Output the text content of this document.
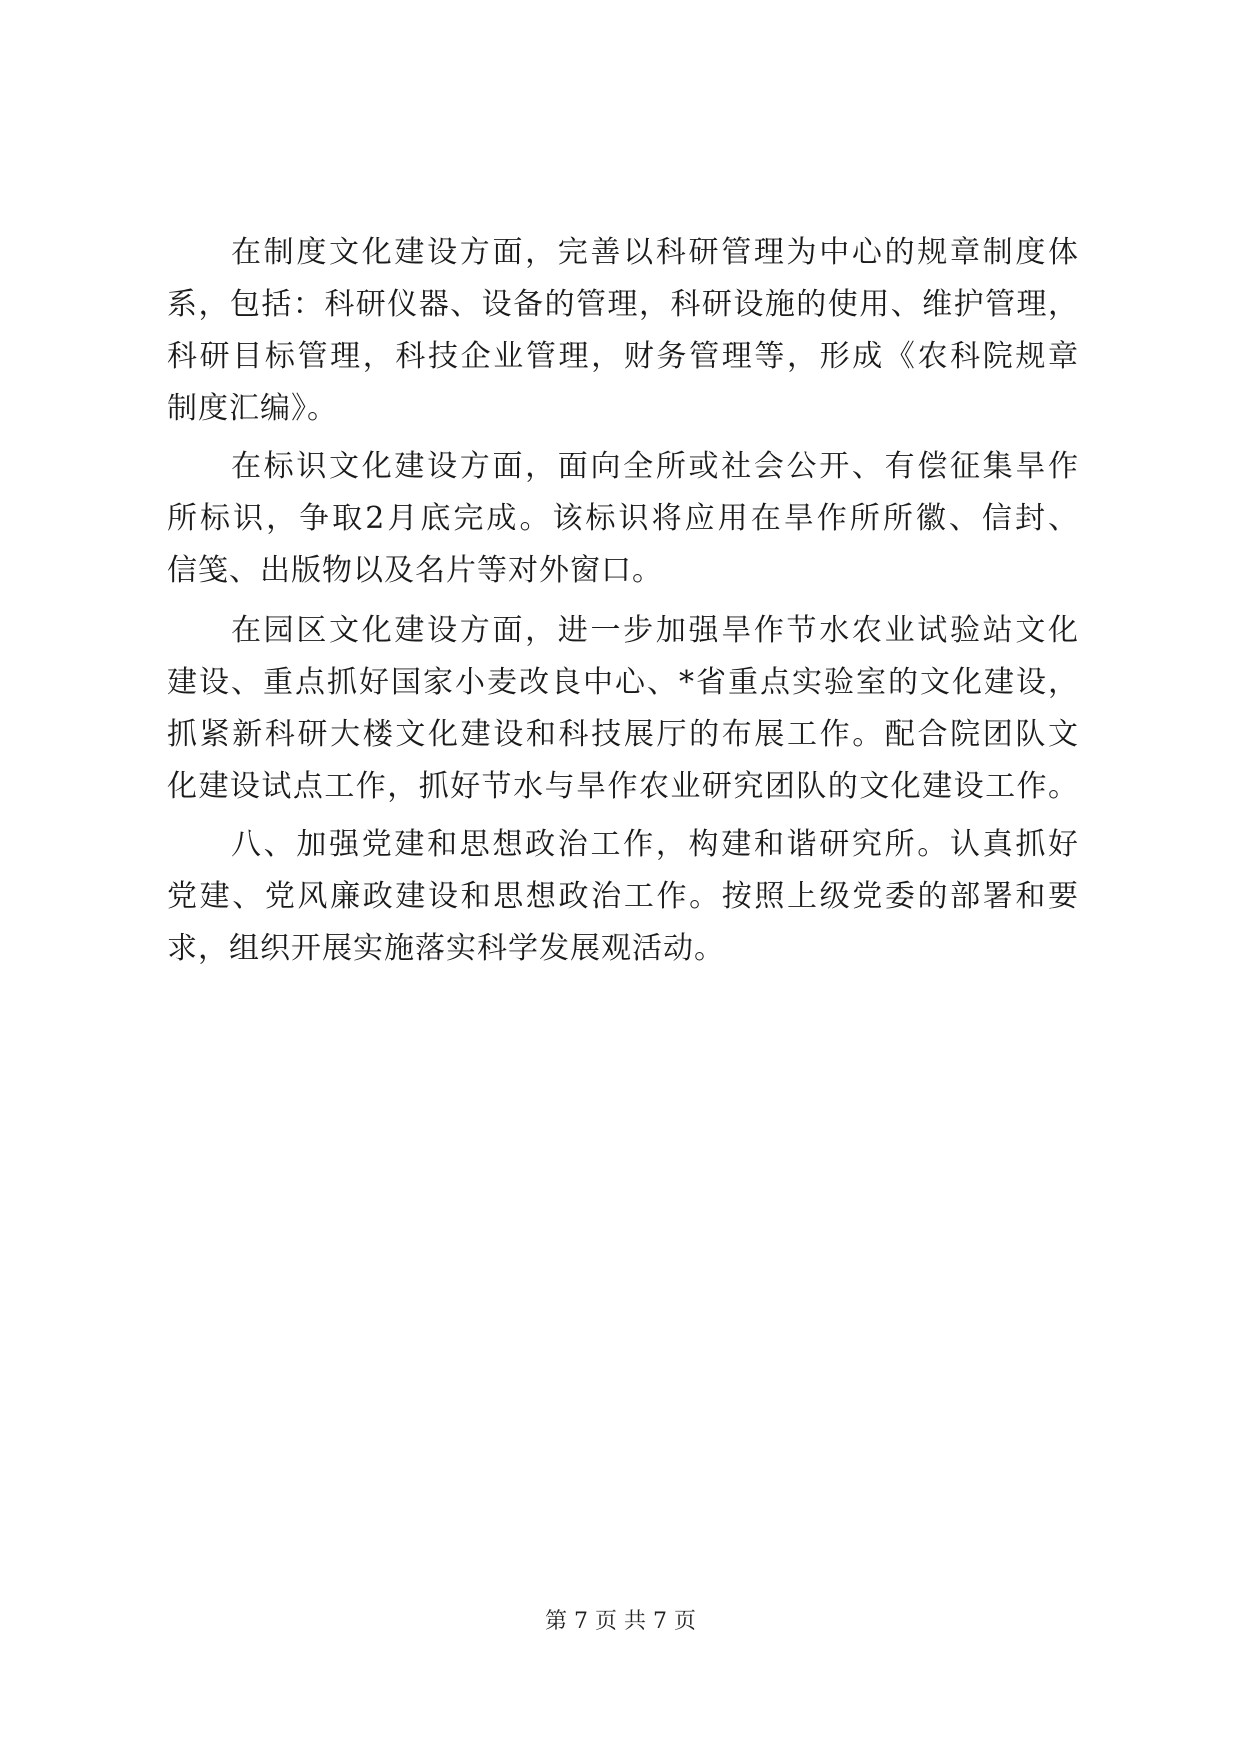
在制度文化建设方面，完善以科研管理为中心的规章制度体
系，包括：科研仪器、设备的管理，科研设施的使用、维护管理，
科研目标管理，科技企业管理，财务管理等，形成《农科院规章
制度汇编》。
在标识文化建设方面，面向全所或社会公开、有偿征集旱作
所标识，争取2月底完成。该标识将应用在旱作所所徽、信封、
信笺、出版物以及名片等对外窗口。
在园区文化建设方面，进一步加强旱作节水农业试验站文化
建设、重点抓好国家小麦改良中心、*省重点实验室的文化建设，
抓紧新科研大楼文化建设和科技展厅的布展工作。配合院团队文
化建设试点工作，抓好节水与旱作农业研究团队的文化建设工作。
八、加强党建和思想政治工作，构建和谐研究所。认真抓好
党建、党风廉政建设和思想政治工作。按照上级党委的部署和要
求，组织开展实施落实科学发展观活动。
第 7 页 共 7 页
